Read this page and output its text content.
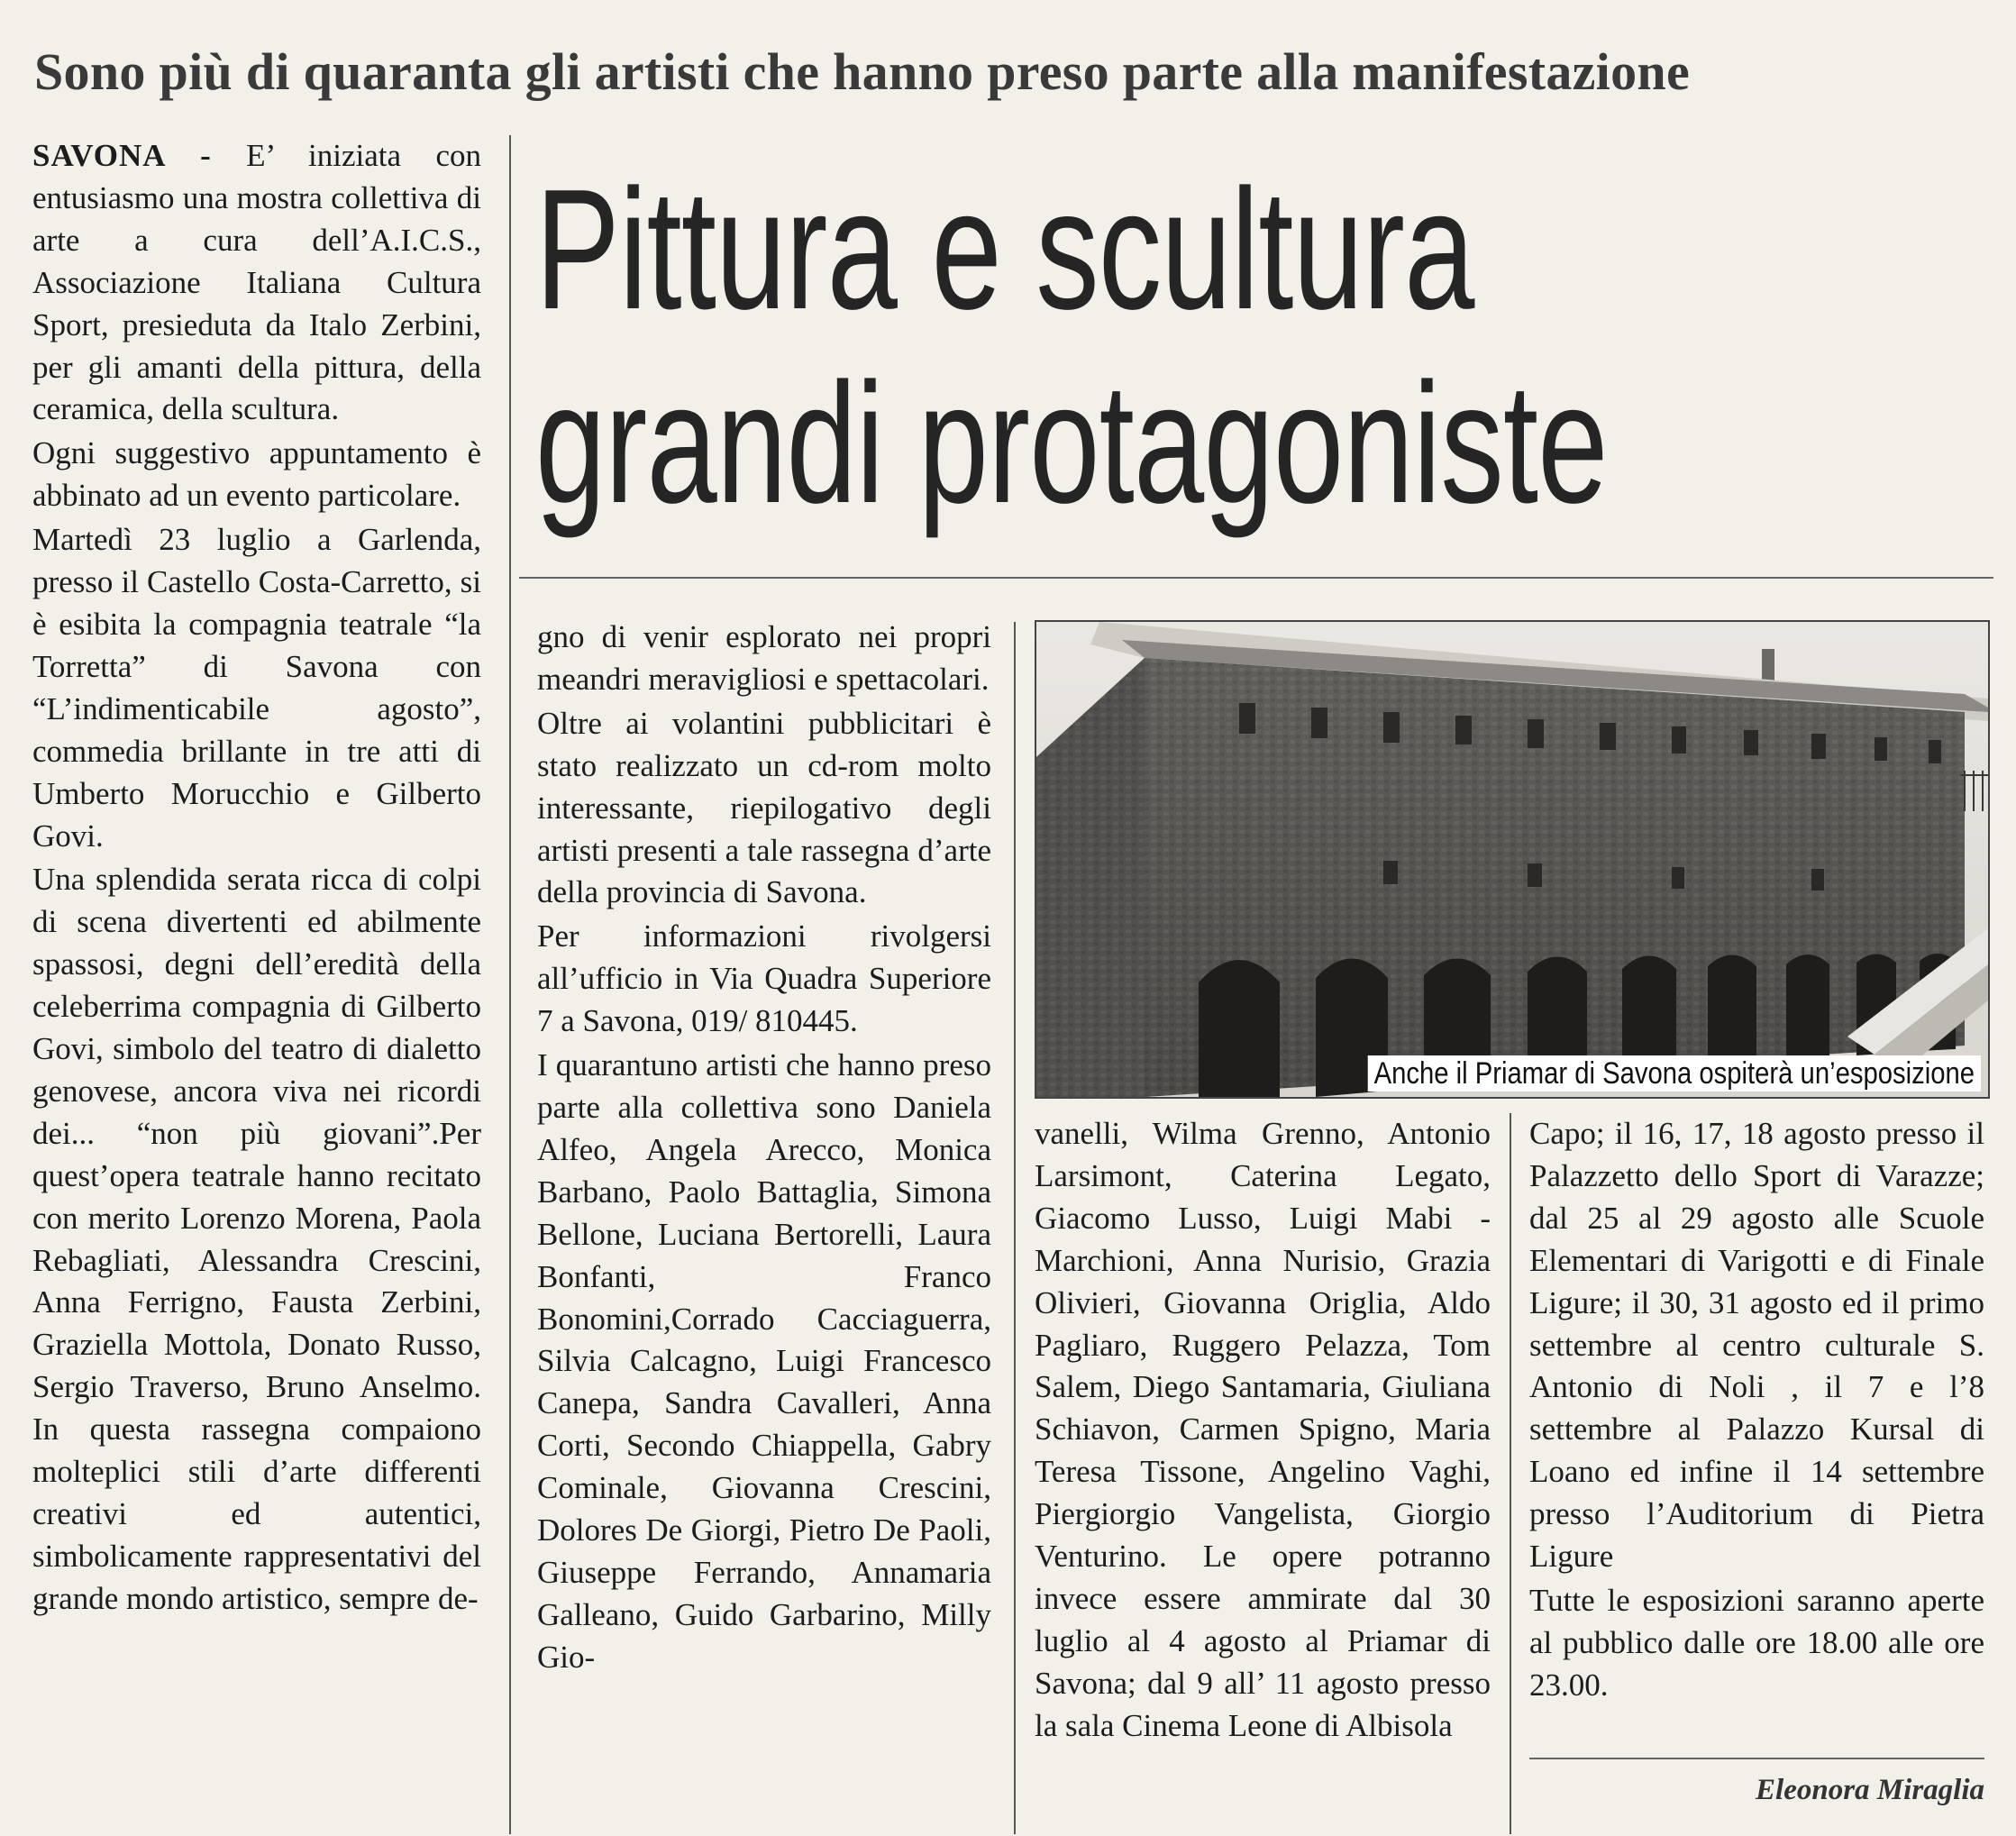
Sono più di quaranta gli artisti che hanno preso parte alla manifestazione

SAVONA - E’ iniziata con entusiasmo una mostra collettiva di arte a cura dell’A.I.C.S., Associazione Italiana Cultura Sport, presieduta da Italo Zerbini, per gli amanti della pittura, della ceramica, della scultura.

Ogni suggestivo appuntamento è abbinato ad un evento particolare.

Martedì 23 luglio a Garlenda, presso il Castello Costa-Carretto, si è esibita la compagnia teatrale “la Torretta” di Savona con “L’indimenticabile agosto”, commedia brillante in tre atti di Umberto Morucchio e Gilberto Govi.

Una splendida serata ricca di colpi di scena divertenti ed abilmente spassosi, degni dell’eredità della celeberrima compagnia di Gilberto Govi, simbolo del teatro di dialetto genovese, ancora viva nei ricordi dei... “non più giovani”.Per quest’opera teatrale hanno recitato con merito Lorenzo Morena, Paola Rebagliati, Alessandra Crescini, Anna Ferrigno, Fausta Zerbini, Graziella Mottola, Donato Russo, Sergio Traverso, Bruno Anselmo. In questa rassegna compaiono molteplici stili d’arte differenti creativi ed autentici, simbolicamente rappresentativi del grande mondo artistico, sempre de-

Pittura e scultura
grandi protagoniste

gno di venir esplorato nei propri meandri meravigliosi e spettacolari.

Oltre ai volantini pubblicitari è stato realizzato un cd-rom molto interessante, riepilogativo degli artisti presenti a tale rassegna d’arte della provincia di Savona.

Per informazioni rivolgersi all’ufficio in Via Quadra Superiore 7 a Savona, 019/ 810445.

I quarantuno artisti che hanno preso parte alla collettiva sono Daniela Alfeo, Angela Arecco, Monica Barbano, Paolo Battaglia, Simona Bellone, Luciana Bertorelli, Laura Bonfanti, Franco Bonomini,Corrado Cacciaguerra, Silvia Calcagno, Luigi Francesco Canepa, Sandra Cavalleri, Anna Corti, Secondo Chiappella, Gabry Cominale, Giovanna Crescini, Dolores De Giorgi, Pietro De Paoli, Giuseppe Ferrando, Annamaria Galleano, Guido Garbarino, Milly Gio-

Anche il Priamar di Savona ospiterà un’esposizione

vanelli, Wilma Grenno, Antonio Larsimont, Caterina Legato, Giacomo Lusso, Luigi Mabi - Marchioni, Anna Nurisio, Grazia Olivieri, Giovanna Origlia, Aldo Pagliaro, Ruggero Pelazza, Tom Salem, Diego Santamaria, Giuliana Schiavon, Carmen Spigno, Maria Teresa Tissone, Angelino Vaghi, Piergiorgio Vangelista, Giorgio Venturino. Le opere potranno invece essere ammirate dal 30 luglio al 4 agosto al Priamar di Savona; dal 9 all’ 11 agosto presso la sala Cinema Leone di Albisola

Capo; il 16, 17, 18 agosto presso il Palazzetto dello Sport di Varazze; dal 25 al 29 agosto alle Scuole Elementari di Varigotti e di Finale Ligure; il 30, 31 agosto ed il primo settembre al centro culturale S. Antonio di Noli , il 7 e l’8 settembre al Palazzo Kursal di Loano ed infine il 14 settembre presso l’Auditorium di Pietra Ligure

Tutte le esposizioni saranno aperte al pubblico dalle ore 18.00 alle ore 23.00.

Eleonora Miraglia
